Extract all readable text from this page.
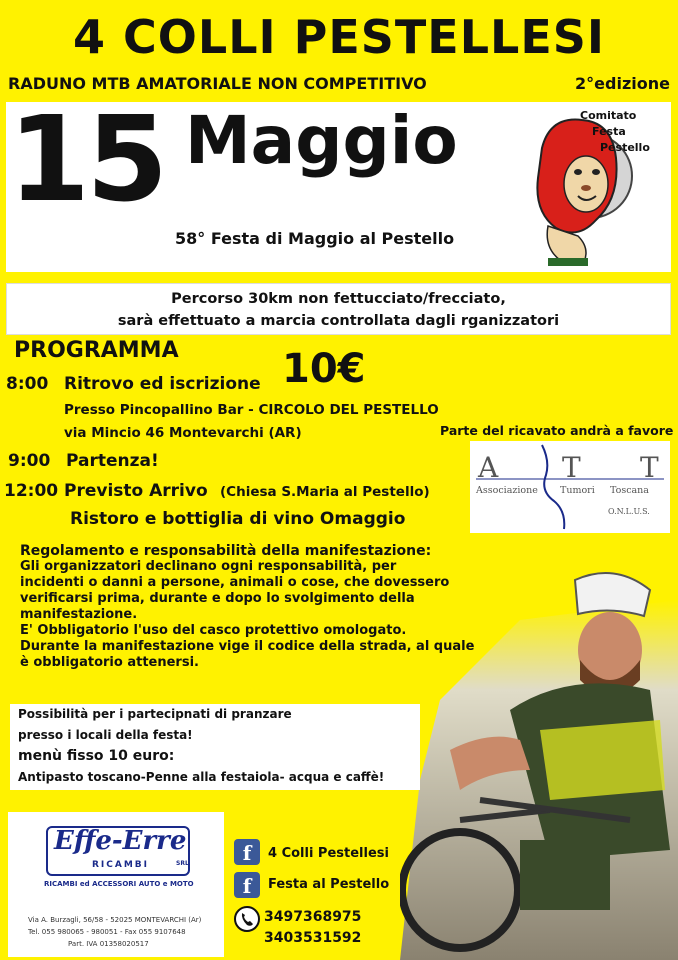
4 COLLI PESTELLESI
RADUNO MTB AMATORIALE NON COMPETITIVO	2°edizione
15 Maggio
58° Festa di Maggio al Pestello
Comitato
Festa
Pestello
Percorso 30km non fettucciato/frecciato,
sarà effettuato a marcia controllata dagli rganizzatori
PROGRAMMA	10€
8:00 Ritrovo ed iscrizione
Presso Pincopallino Bar - CIRCOLO DEL PESTELLO
via Mincio 46 Montevarchi (AR)
9:00 Partenza!
12:00 Previsto Arrivo (Chiesa S.Maria al Pestello)
Ristoro e bottiglia di vino Omaggio
Parte del ricavato andrà a favore
A T T
Associazione Tumori Toscana
O.N.L.U.S.
Regolamento e responsabilità della manifestazione:
Gli organizzatori declinano ogni responsabilità, per
incidenti o danni a persone, animali o cose, che dovessero
verificarsi prima, durante e dopo lo svolgimento della
manifestazione.
E' Obbligatorio l'uso del casco protettivo omologato.
Durante la manifestazione vige il codice della strada, al quale
è obbligatorio attenersi.
Possibilità per i partecipnati di pranzare
presso i locali della festa!
menù fisso 10 euro:
Antipasto toscano-Penne alla festaiola- acqua e caffè!
Effe-Erre
RICAMBI	SRL
RICAMBI ed ACCESSORI AUTO e MOTO
Via A. Burzagli, 56/58 - 52025 MONTEVARCHI (Ar)
Tel. 055 980065 - 980051 - Fax 055 9107648
Part. IVA 01358020517
f	4 Colli Pestellesi
f	Festa al Pestello
3497368975
3403531592
